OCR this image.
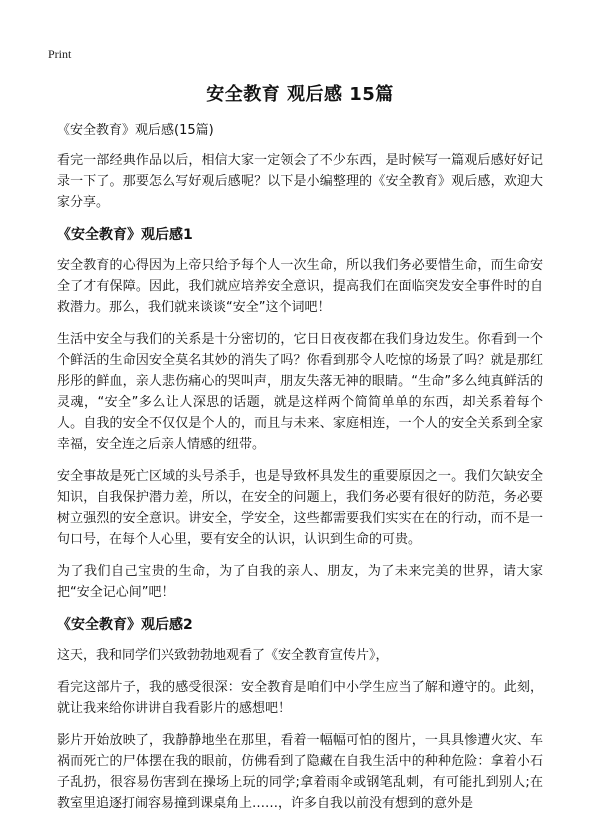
Print
安全教育 观后感 15篇

《安全教育》观后感(15篇)

看完一部经典作品以后，相信大家一定领会了不少东西，是时候写一篇观后感好好记录一下了。那要怎么写好观后感呢？以下是小编整理的《安全教育》观后感，欢迎大家分享。

《安全教育》观后感1

安全教育的心得因为上帝只给予每个人一次生命，所以我们务必要惜生命，而生命安全了才有保障。因此，我们就应培养安全意识，提高我们在面临突发安全事件时的自救潜力。那么，我们就来谈谈“安全”这个词吧！

生活中安全与我们的关系是十分密切的，它日日夜夜都在我们身边发生。你看到一个个鲜活的生命因安全莫名其妙的消失了吗？你看到那令人吃惊的场景了吗？就是那红彤彤的鲜血，亲人悲伤痛心的哭叫声，朋友失落无神的眼睛。“生命”多么纯真鲜活的灵魂，“安全”多么让人深思的话题，就是这样两个简简单单的东西，却关系着每个人。自我的安全不仅仅是个人的，而且与未来、家庭相连，一个人的安全关系到全家幸福，安全连之后亲人情感的纽带。

安全事故是死亡区域的头号杀手，也是导致杯具发生的重要原因之一。我们欠缺安全知识，自我保护潜力差，所以，在安全的问题上，我们务必要有很好的防范，务必要树立强烈的安全意识。讲安全，学安全，这些都需要我们实实在在的行动，而不是一句口号，在每个人心里，要有安全的认识，认识到生命的可贵。

为了我们自己宝贵的生命，为了自我的亲人、朋友，为了未来完美的世界，请大家把“安全记心间”吧！

《安全教育》观后感2

这天，我和同学们兴致勃勃地观看了《安全教育宣传片》，

看完这部片子，我的感受很深：安全教育是咱们中小学生应当了解和遵守的。此刻，就让我来给你讲讲自我看影片的感想吧！

影片开始放映了，我静静地坐在那里，看着一幅幅可怕的图片，一具具惨遭火灾、车祸而死亡的尸体摆在我的眼前，仿佛看到了隐藏在自我生活中的种种危险：拿着小石子乱扔，很容易伤害到在操场上玩的同学;拿着雨伞或钢笔乱刺，有可能扎到别人;在教室里追逐打闹容易撞到课桌角上……，许多自我以前没有想到的意外是
